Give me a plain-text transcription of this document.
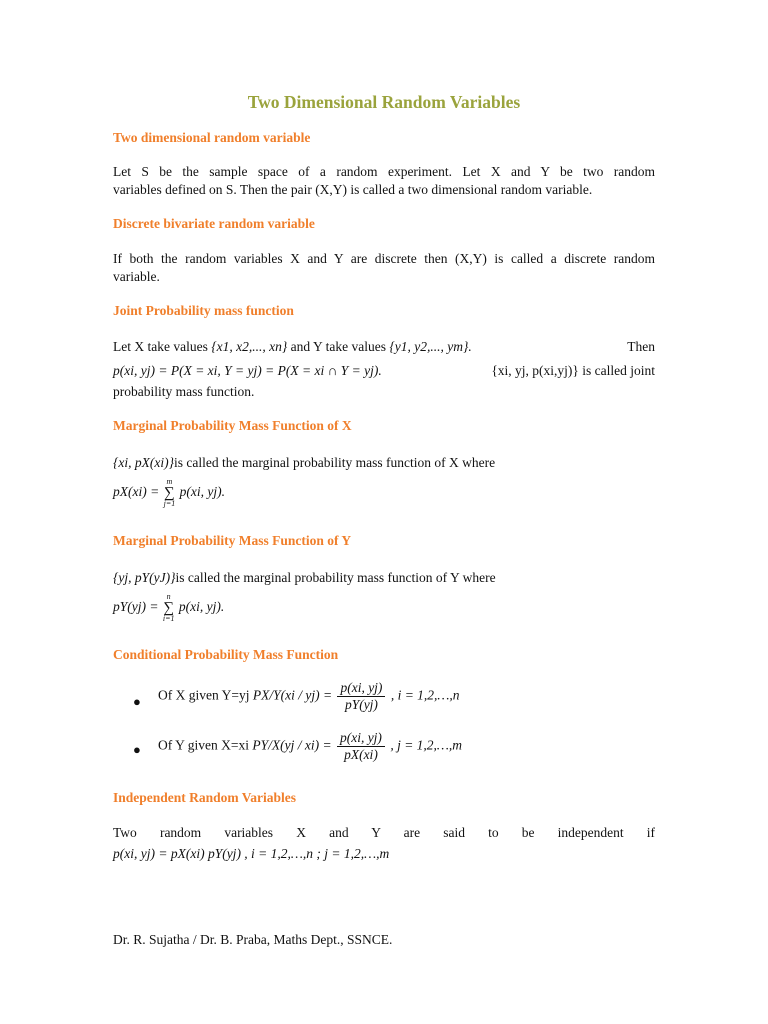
Two Dimensional Random Variables
Two dimensional random variable
Let S be the sample space of a random experiment. Let X and Y be two random
variables defined on S. Then the pair (X,Y) is called a two dimensional random variable.
Discrete bivariate random variable
If both the random variables X and Y are discrete then (X,Y) is called a discrete random
variable.
Joint Probability mass function
Let X take values {x1, x2,..., xn} and Y take values {y1, y2,..., ym}.	Then
p(xi, yj) = P(X = xi, Y = yj) = P(X = xi ∩ Y = yj).	{xi, yj, p(xi,yj)} is called joint
probability mass function.
Marginal Probability Mass Function of X
{xi, pX(xi)}is called the marginal probability mass function of X where
pX(xi) =
m
∑
j=1
p(xi, yj).
Marginal Probability Mass Function of Y
{yj, pY(yJ)}is called the marginal probability mass function of Y where
pY(yj) =
n
∑
i=1
p(xi, yj).
Conditional Probability Mass Function
● Of X given Y=yj $PX/Y(xi / yj) = \frac{p(xi, yj)}{pY(yj)}$ , i = 1,2,…,n
● Of Y given X=xi $PY/X(yj / xi) = \frac{p(xi, yj)}{pX(xi)}$ , j = 1,2,…,m
Independent Random Variables
Two random variables X and Y are said to be independent if
p(xi, yj) = pX(xi) pY(yj) , i = 1,2,…,n ; j = 1,2,…,m
Dr. R. Sujatha / Dr. B. Praba, Maths Dept., SSNCE.
